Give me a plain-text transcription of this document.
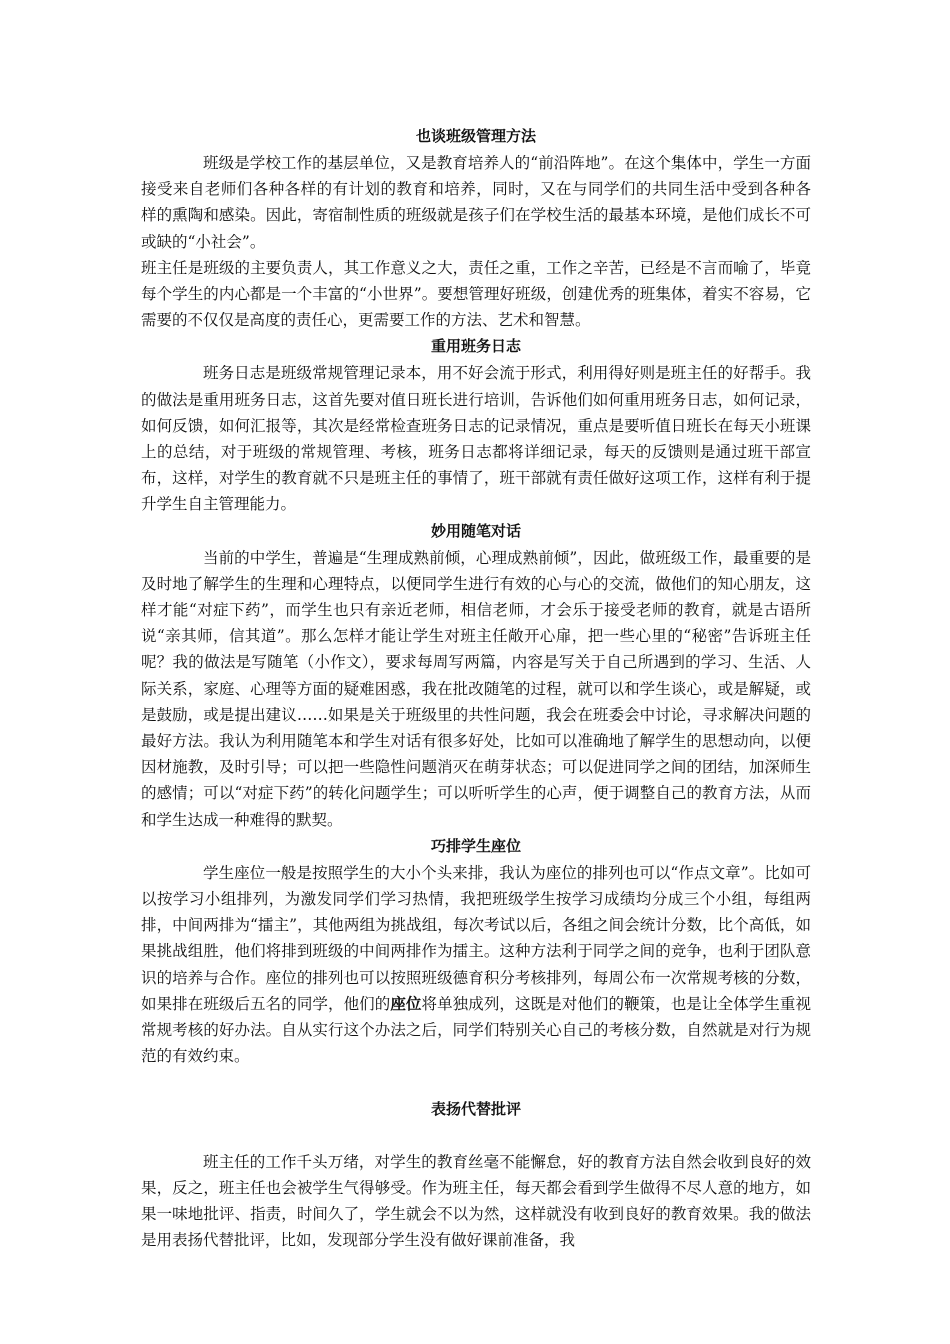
也谈班级管理方法

班级是学校工作的基层单位，又是教育培养人的“前沿阵地”。在这个集体中，学生一方面接受来自老师们各种各样的有计划的教育和培养，同时，又在与同学们的共同生活中受到各种各 样的熏陶和感染。因此，寄宿制性质的班级就是孩子们在学校生活的最基本环境，是他们成长不可或缺的“小社会”。

班主任是班级的主要负责人，其工作意义之大，责任之重，工作之辛苦，已经是不言而喻了，毕竟每个学生的内心都是一个丰富的“小世界”。要想管理好班级，创建优秀的班集体，着实不容易，它需要的不仅仅是高度的责任心，更需要工作的方法、艺术和智慧。

重用班务日志

班务日志是班级常规管理记录本，用不好会流于形式，利用得好则是班主任的好帮手。我的做法是重用班务日志，这首先要对值日班长进行培训，告诉他们如何重用班务日志，如何记录，如何反馈，如何汇报等，其次是经常检查班务日志的记录情况，重点是要听值日班长在每天小班课上的总结，对于班级的常规管理、考核，班务日志都将详细记录，每天的反馈则是通过班干部宣布，这样，对学生的教育就不只是班主任的事情了，班干部就有责任做好这项工作，这样有利于提升学生自主管理能力。

妙用随笔对话

当前的中学生，普遍是“生理成熟前倾，心理成熟前倾”，因此，做班级工作，最重要的是及时地了解学生的生理和心理特点，以便同学生进行有效的心与心的交流，做他们的知心朋友，这样才能“对症下药”，而学生也只有亲近老师，相信老师，才会乐于接受老师的教育，就是古语所说“亲其师，信其道”。那么怎样才能让学生对班主任敞开心扉，把一些心里的“秘密”告诉班主任呢？我的做法是写随笔（小作文），要求每周写两篇，内容是写关于自己所遇到的学习、生活、人际关系，家庭、心理等方面的疑难困惑，我在批改随笔的过程，就可以和学生谈心，或是解疑，或是鼓励，或是提出建议……如果是关于班级里的共性问题，我会在班委会中讨论，寻求解决问题的最好方法。我认为利用随笔本和学生对话有很多好处，比如可以准确地了解学生的思想动向，以便因材施教，及时引导；可以把一些隐性问题消灭在萌芽状态；可以促进同学之间的团结，加深师生的感情；可以“对症下药”的转化问题学生；可以听听学生的心声，便于调整自己的教育方法，从而和学生达成一种难得的默契。

巧排学生座位

学生座位一般是按照学生的大小个头来排，我认为座位的排列也可以“作点文章”。比如可以按学习小组排列，为激发同学们学习热情，我把班级学生按学习成绩均分成三个小组，每组两排，中间两排为“擂主”，其他两组为挑战组，每次考试以后，各组之间会统计分数，比个高低，如果挑战组胜，他们将排到班级的中间两排作为擂主。这种方法利于同学之间的竞争，也利于团队意识的培养与合作。座位的排列也可以按照班级德育积分考核排列，每周公布一次常规考核的分数，如果排在班级后五名的同学，他们的座位将单独成列，这既是对他们的鞭策，也是让全体学生重视常规考核的好办法。自从实行这个办法之后，同学们特别关心自己的考核分数，自然就是对行为规范的有效约束。

表扬代替批评

班主任的工作千头万绪，对学生的教育丝毫不能懈怠，好的教育方法自然会收到良好的效果，反之，班主任也会被学生气得够受。作为班主任，每天都会看到学生做得不尽人意的地方，如果一味地批评、指责，时间久了，学生就会不以为然，这样就没有收到良好的教育效果。我的做法是用表扬代替批评，比如，发现部分学生没有做好课前准备，我
